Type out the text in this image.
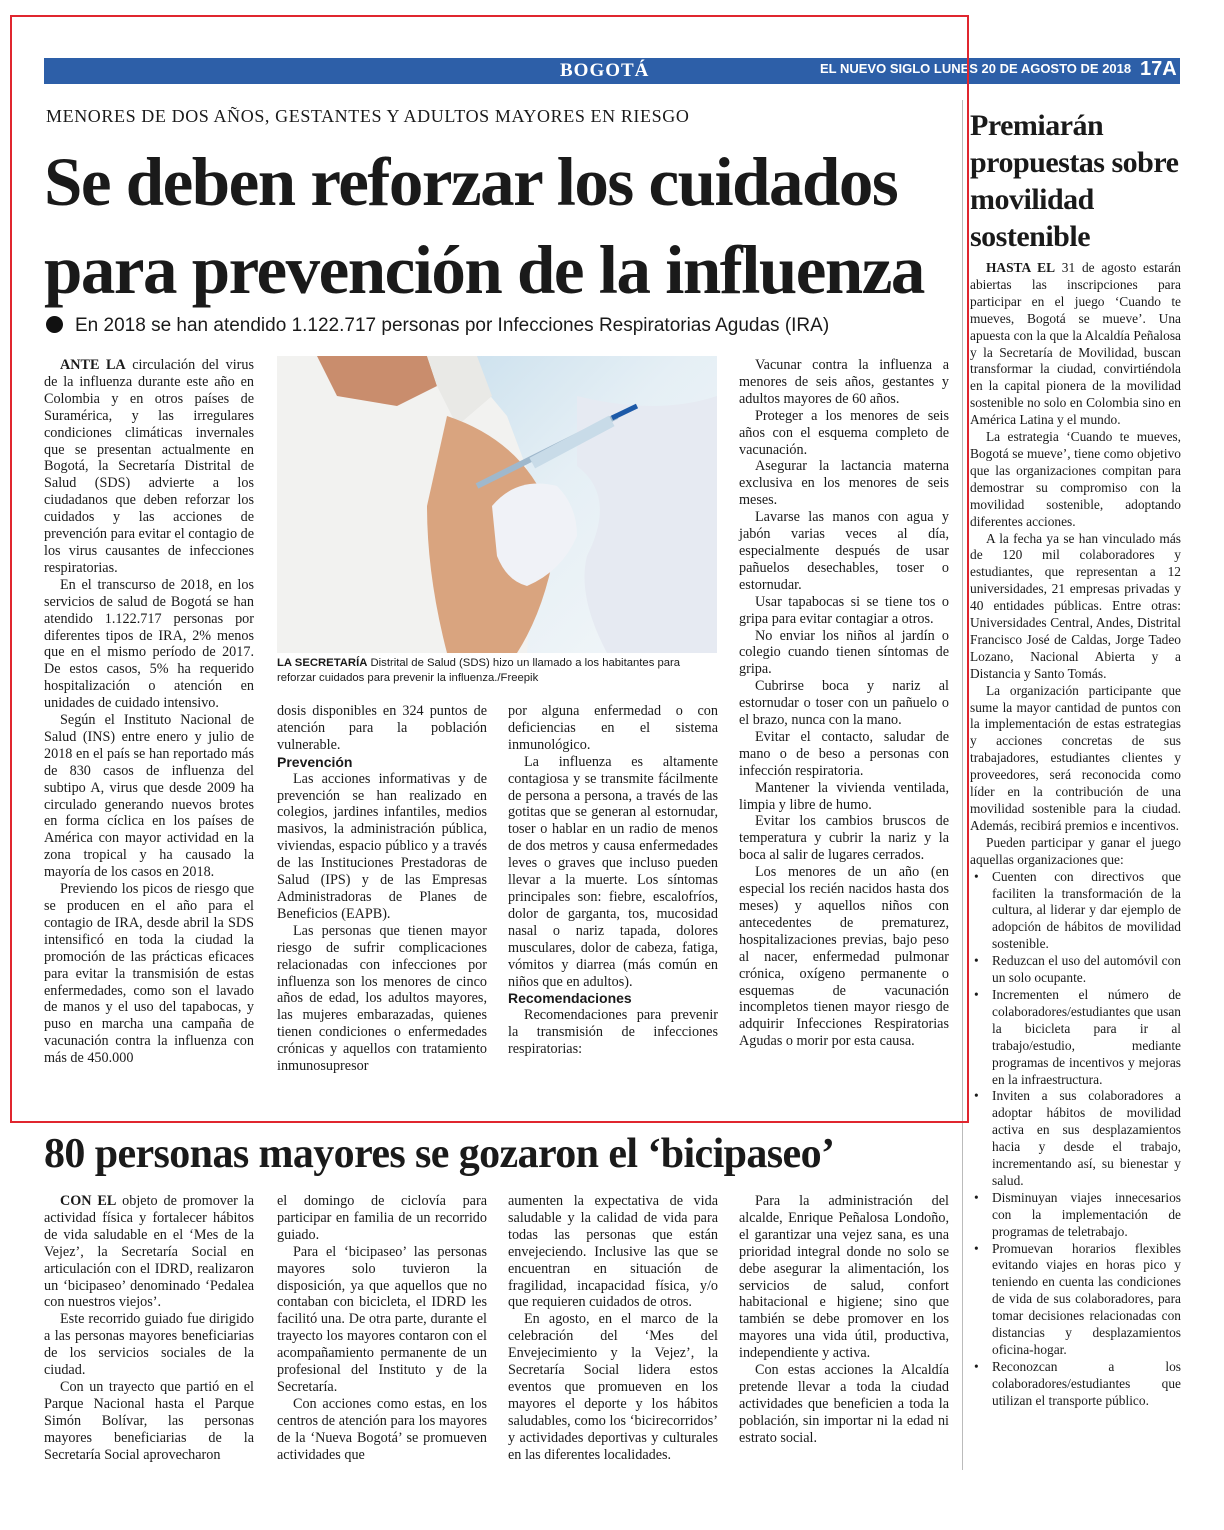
BOGOTÁ	EL NUEVO SIGLO LUNES 20 DE AGOSTO DE 2018 17A
MENORES DE DOS AÑOS, GESTANTES Y ADULTOS MAYORES EN RIESGO
Se deben reforzar los cuidados para prevención de la influenza
En 2018 se han atendido 1.122.717 personas por Infecciones Respiratorias Agudas (IRA)

ANTE LA circulación del virus de la influenza durante este año en Colombia y en otros países de Suramérica, y las irregulares condiciones climáticas invernales que se presentan actualmente en Bogotá, la Secretaría Distrital de Salud (SDS) advierte a los ciudadanos que deben reforzar los cuidados y las acciones de prevención para evitar el contagio de los virus causantes de infecciones respiratorias.

En el transcurso de 2018, en los servicios de salud de Bogotá se han atendido 1.122.717 personas por diferentes tipos de IRA, 2% menos que en el mismo período de 2017. De estos casos, 5% ha requerido hospitalización o atención en unidades de cuidado intensivo.

Según el Instituto Nacional de Salud (INS) entre enero y julio de 2018 en el país se han reportado más de 830 casos de influenza del subtipo A, virus que desde 2009 ha circulado generando nuevos brotes en forma cíclica en los países de América con mayor actividad en la zona tropical y ha causado la mayoría de los casos en 2018.

Previendo los picos de riesgo que se producen en el año para el contagio de IRA, desde abril la SDS intensificó en toda la ciudad la promoción de las prácticas eficaces para evitar la transmisión de estas enfermedades, como son el lavado de manos y el uso del tapabocas, y puso en marcha una campaña de vacunación contra la influenza con más de 450.000

LA SECRETARÍA Distrital de Salud (SDS) hizo un llamado a los habitantes para reforzar cuidados para prevenir la influenza./Freepik

dosis disponibles en 324 puntos de atención para la población vulnerable.

Prevención

Las acciones informativas y de prevención se han realizado en colegios, jardines infantiles, medios masivos, la administración pública, viviendas, espacio público y a través de las Instituciones Prestadoras de Salud (IPS) y de las Empresas Administradoras de Planes de Beneficios (EAPB).

Las personas que tienen mayor riesgo de sufrir complicaciones relacionadas con infecciones por influenza son los menores de cinco años de edad, los adultos mayores, las mujeres embarazadas, quienes tienen condiciones o enfermedades crónicas y aquellos con tratamiento inmunosupresor

por alguna enfermedad o con deficiencias en el sistema inmunológico.

La influenza es altamente contagiosa y se transmite fácilmente de persona a persona, a través de las gotitas que se generan al estornudar, toser o hablar en un radio de menos de dos metros y causa enfermedades leves o graves que incluso pueden llevar a la muerte. Los síntomas principales son: fiebre, escalofríos, dolor de garganta, tos, mucosidad nasal o nariz tapada, dolores musculares, dolor de cabeza, fatiga, vómitos y diarrea (más común en niños que en adultos).

Recomendaciones

Recomendaciones para prevenir la transmisión de infecciones respiratorias:

Vacunar contra la influenza a menores de seis años, gestantes y adultos mayores de 60 años.

Proteger a los menores de seis años con el esquema completo de vacunación.

Asegurar la lactancia materna exclusiva en los menores de seis meses.

Lavarse las manos con agua y jabón varias veces al día, especialmente después de usar pañuelos desechables, toser o estornudar.

Usar tapabocas si se tiene tos o gripa para evitar contagiar a otros.

No enviar los niños al jardín o colegio cuando tienen síntomas de gripa.

Cubrirse boca y nariz al estornudar o toser con un pañuelo o el brazo, nunca con la mano.

Evitar el contacto, saludar de mano o de beso a personas con infección respiratoria.

Mantener la vivienda ventilada, limpia y libre de humo.

Evitar los cambios bruscos de temperatura y cubrir la nariz y la boca al salir de lugares cerrados.

Los menores de un año (en especial los recién nacidos hasta dos meses) y aquellos niños con antecedentes de prematurez, hospitalizaciones previas, bajo peso al nacer, enfermedad pulmonar crónica, oxígeno permanente o esquemas de vacunación incompletos tienen mayor riesgo de adquirir Infecciones Respiratorias Agudas o morir por esta causa.

Premiarán propuestas sobre movilidad sostenible

HASTA EL 31 de agosto estarán abiertas las inscripciones para participar en el juego ‘Cuando te mueves, Bogotá se mueve’. Una apuesta con la que la Alcaldía Peñalosa y la Secretaría de Movilidad, buscan transformar la ciudad, convirtiéndola en la capital pionera de la movilidad sostenible no solo en Colombia sino en América Latina y el mundo.

La estrategia ‘Cuando te mueves, Bogotá se mueve’, tiene como objetivo que las organizaciones compitan para demostrar su compromiso con la movilidad sostenible, adoptando diferentes acciones.

A la fecha ya se han vinculado más de 120 mil colaboradores y estudiantes, que representan a 12 universidades, 21 empresas privadas y 40 entidades públicas. Entre otras: Universidades Central, Andes, Distrital Francisco José de Caldas, Jorge Tadeo Lozano, Nacional Abierta y a Distancia y Santo Tomás.

La organización participante que sume la mayor cantidad de puntos con la implementación de estas estrategias y acciones concretas de sus trabajadores, estudiantes clientes y proveedores, será reconocida como líder en la contribución de una movilidad sostenible para la ciudad. Además, recibirá premios e incentivos.

Pueden participar y ganar el juego aquellas organizaciones que:

• Cuenten con directivos que faciliten la transformación de la cultura, al liderar y dar ejemplo de adopción de hábitos de movilidad sostenible.
• Reduzcan el uso del automóvil con un solo ocupante.
• Incrementen el número de colaboradores/estudiantes que usan la bicicleta para ir al trabajo/estudio, mediante programas de incentivos y mejoras en la infraestructura.
• Inviten a sus colaboradores a adoptar hábitos de movilidad activa en sus desplazamientos hacia y desde el trabajo, incrementando así, su bienestar y salud.
• Disminuyan viajes innecesarios con la implementación de programas de teletrabajo.
• Promuevan horarios flexibles evitando viajes en horas pico y teniendo en cuenta las condiciones de vida de sus colaboradores, para tomar decisiones relacionadas con distancias y desplazamientos oficina-hogar.
• Reconozcan a los colaboradores/estudiantes que utilizan el transporte público.
80 personas mayores se gozaron el ‘bicipaseo’

CON EL objeto de promover la actividad física y fortalecer hábitos de vida saludable en el ‘Mes de la Vejez’, la Secretaría Social en articulación con el IDRD, realizaron un ‘bicipaseo’ denominado ‘Pedalea con nuestros viejos’.

Este recorrido guiado fue dirigido a las personas mayores beneficiarias de los servicios sociales de la ciudad.

Con un trayecto que partió en el Parque Nacional hasta el Parque Simón Bolívar, las personas mayores beneficiarias de la Secretaría Social aprovecharon

el domingo de ciclovía para participar en familia de un recorrido guiado.

Para el ‘bicipaseo’ las personas mayores solo tuvieron la disposición, ya que aquellos que no contaban con bicicleta, el IDRD les facilitó una. De otra parte, durante el trayecto los mayores contaron con el acompañamiento permanente de un profesional del Instituto y de la Secretaría.

Con acciones como estas, en los centros de atención para los mayores de la ‘Nueva Bogotá’ se promueven actividades que

aumenten la expectativa de vida saludable y la calidad de vida para todas las personas que están envejeciendo. Inclusive las que se encuentran en situación de fragilidad, incapacidad física, y/o que requieren cuidados de otros.

En agosto, en el marco de la celebración del ‘Mes del Envejecimiento y la Vejez’, la Secretaría Social lidera estos eventos que promueven en los mayores el deporte y los hábitos saludables, como los ‘bicirecorridos’ y actividades deportivas y culturales en las diferentes localidades.

Para la administración del alcalde, Enrique Peñalosa Londoño, el garantizar una vejez sana, es una prioridad integral donde no solo se debe asegurar la alimentación, los servicios de salud, confort habitacional e higiene; sino que también se debe promover en los mayores una vida útil, productiva, independiente y activa.

Con estas acciones la Alcaldía pretende llevar a toda la ciudad actividades que beneficien a toda la población, sin importar ni la edad ni estrato social.
